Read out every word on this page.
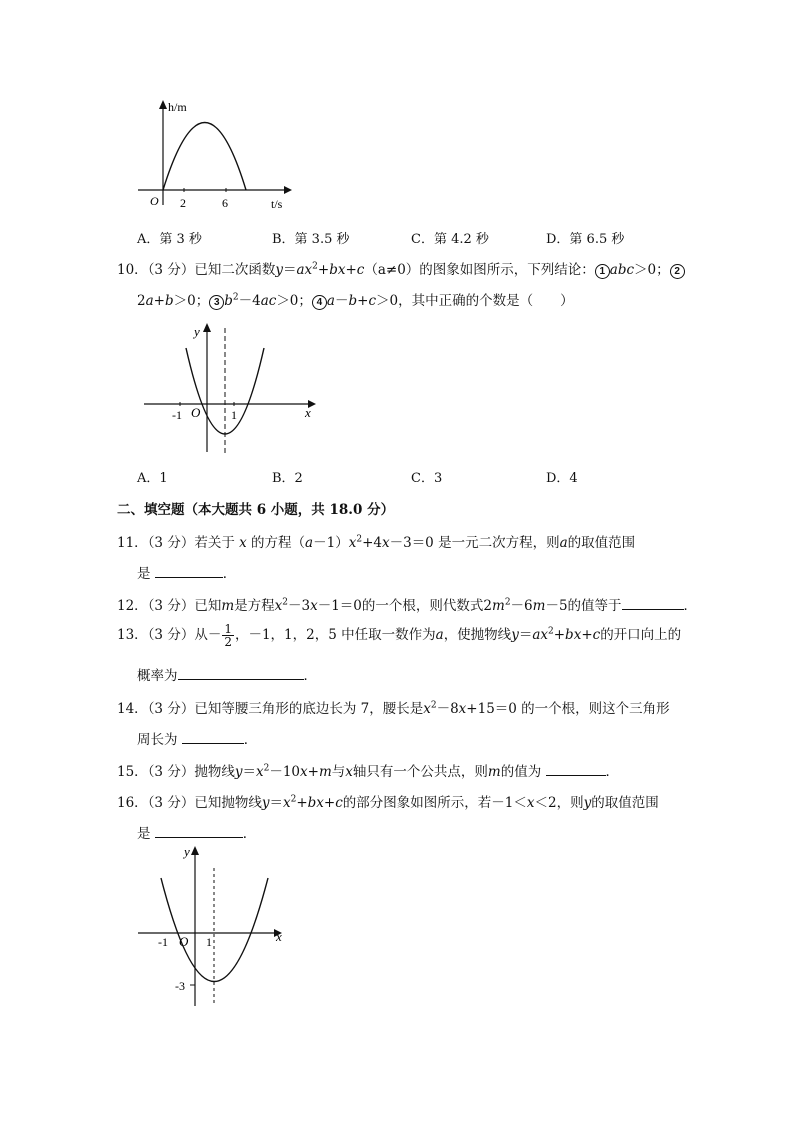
h/m
O 2	6	t/s
A．第 3 秒	B．第 3.5 秒	C．第 4.2 秒	D．第 6.5 秒
10．（3 分）已知二次函数$y=ax^2+bx+c(a\ne 0)$的图象如图所示，下列结论： 1 abc＞0； 2
2a+b＞0； 3 $b^2-4ac>0$； 4 a－b+c＞0，其中正确的个数是（　　）
y
-1 O	1	x
A．1	B．2	C．3	D．4
二、填空题（本大题共 6 小题，共 18.0 分）
11．（3 分）若关于 x 的方程$(a-1)x^2+4x-3=0$ 是一元二次方程，则a的取值范围
是	．
12．（3 分）已知m是方程$x^2-3x-1=0$的一个根，则代数式$2m^2-6m-5$的值等于	．
13．（3 分）从－ $\frac{1}{2}$ ，－1，1，2，5 中任取一数作为a，使抛物线$y=ax^2+bx+c$的开口向上的
概率为	．
14．（3 分）已知等腰三角形的底边长为 7，腰长是$x^2-8x+15=0$ 的一个根，则这个三角形
周长为	．
15．（3 分）抛物线$y=x^2-10x+m$与x轴只有一个公共点，则m的值为	．
16．（3 分）已知抛物线$y=x^2+bx+c$的部分图象如图所示，若－1＜x＜2，则y的取值范围
是	．
y
-1 O 1	x
-3
